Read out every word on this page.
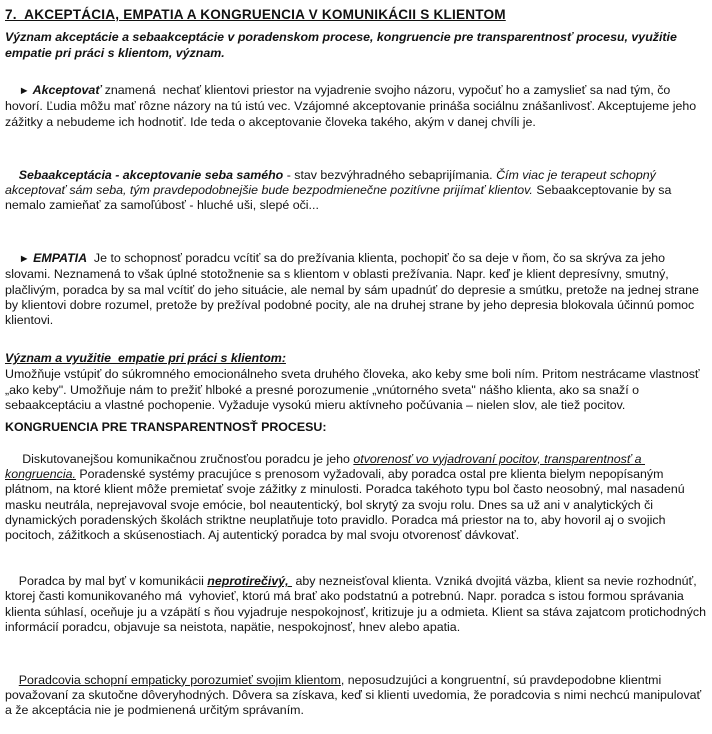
7.  AKCEPTÁCIA, EMPATIA A KONGRUENCIA V KOMUNIKÁCII S KLIENTOM

Význam akceptácie a sebaakceptácie v poradenskom procese, kongruencie pre transparentnosť procesu, využitie empatie pri práci s klientom, význam.

► Akceptovať znamená  nechať klientovi priestor na vyjadrenie svojho názoru, vypočuť ho a zamyslieť sa nad tým, čo hovorí. Ľudia môžu mať rôzne názory na tú istú vec. Vzájomné akceptovanie prináša sociálnu znášanlivosť. Akceptujeme jeho zážitky a nebudeme ich hodnotiť. Ide teda o akceptovanie človeka takého, akým v danej chvíli je.

Sebaakceptácia - akceptovanie seba samého - stav bezvýhradného sebaprijímania. Čím viac je terapeut schopný akceptovať sám seba, tým pravdepodobnejšie bude bezpodmienečne pozitívne prijímať klientov. Sebaakceptovanie by sa nemalo zamieňať za samoľúbosť - hluché uši, slepé oči...

► EMPATIA  Je to schopnosť poradcu vcítiť sa do prežívania klienta, pochopiť čo sa deje v ňom, čo sa skrýva za jeho slovami. Neznamená to však úplné stotožnenie sa s klientom v oblasti prežívania. Napr. keď je klient depresívny, smutný, plačlivým, poradca by sa mal vcítiť do jeho situácie, ale nemal by sám upadnúť do depresie a smútku, pretože na jednej strane by klientovi dobre rozumel, pretože by prežíval podobné pocity, ale na druhej strane by jeho depresia blokovala účinnú pomoc klientovi.

Význam a využitie  empatie pri práci s klientom:

Umožňuje vstúpiť do súkromného emocionálneho sveta druhého človeka, ako keby sme boli ním. Pritom nestrácame vlastnosť „ako keby". Umožňuje nám to prežiť hlboké a presné porozumenie „vnútorného sveta" nášho klienta, ako sa snaží o sebaakceptáciu a vlastné pochopenie. Vyžaduje vysokú mieru aktívneho počúvania – nielen slov, ale tiež pocitov.

KONGRUENCIA PRE TRANSPARENTNOSŤ PROCESU:

Diskutovanejšou komunikačnou zručnosťou poradcu je jeho otvorenosť vo vyjadrovaní pocitov, transparentnosť a kongruencia. Poradenské systémy pracujúce s prenosom vyžadovali, aby poradca ostal pre klienta bielym nepopísaným plátnom, na ktoré klient môže premietať svoje zážitky z minulosti. Poradca takéhoto typu bol často neosobný, mal nasadenú masku neutrála, neprejavoval svoje emócie, bol neautentický, bol skrytý za svoju rolu. Dnes sa už ani v analytických či dynamických poradenských školách striktne neuplatňuje toto pravidlo. Poradca má priestor na to, aby hovoril aj o svojich pocitoch, zážitkoch a skúsenostiach. Aj autentický poradca by mal svoju otvorenosť dávkovať.

Poradca by mal byť v komunikácii neprotirečivý,  aby nezneisťoval klienta. Vzniká dvojitá väzba, klient sa nevie rozhodnúť, ktorej časti komunikovaného má  vyhovieť, ktorú má brať ako podstatnú a potrebnú. Napr. poradca s istou formou správania klienta súhlasí, oceňuje ju a vzápätí s ňou vyjadruje nespokojnosť, kritizuje ju a odmieta. Klient sa stáva zajatcom protichodných informácií poradcu, objavuje sa neistota, napätie, nespokojnosť, hnev alebo apatia.

Poradcovia schopní empaticky porozumieť svojim klientom, neposudzujúci a kongruentní, sú pravdepodobne klientmi považovaní za skutočne dôveryhodných. Dôvera sa získava, keď si klienti uvedomia, že poradcovia s nimi nechcú manipulovať a že akceptácia nie je podmienená určitým správaním.
